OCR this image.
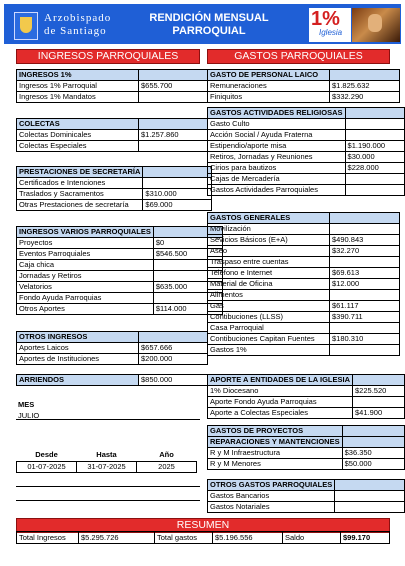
Arzobispado
de Santiago
RENDICIÓN MENSUAL
PARROQUIAL
1%
Iglesia
INGRESOS PARROQUIALES	GASTOS PARROQUIALES
INGRESOS 1%	
Ingresos 1% Parroquial	$655.700
Ingresos 1% Mandatos	
COLECTAS	
Colectas Dominicales	$1.257.860
Colectas Especiales	
PRESTACIONES DE SECRETARÍA	
Certificados e Intenciones	
Traslados y Sacramentos	$310.000
Otras Prestaciones de secretaría	$69.000
INGRESOS VARIOS PARROQUIALES	
Proyectos	$0
Eventos Parroquiales	$546.500
Caja chica	
Jornadas y Retiros	
Velatorios	$635.000
Fondo Ayuda Parroquias	
Otros Aportes	$114.000
OTROS INGRESOS	
Aportes Laicos	$657.666
Aportes de Instituciones	$200.000
ARRIENDOS	$850.000
MES
JULIO
Desde	Hasta	Año
01-07-2025	31-07-2025	2025
GASTO DE PERSONAL LAICO	
Remuneraciones	$1.825.632
Finiquitos	$332.290
GASTOS ACTIVIDADES RELIGIOSAS	
Gasto Culto	
Acción Social / Ayuda Fraterna	
Estipendio/aporte misa	$1.190.000
Retiros, Jornadas y Reuniones	$30.000
Cirios para bautizos	$228.000
Cajas de Mercadería	
Gastos Actividades Parroquiales	
GASTOS GENERALES	
Movilización	
Sevicios Básicos (E+A)	$490.843
Aseo	$32.270
Traspaso entre cuentas	
Telefono e Internet	$69.613
Material de Oficina	$12.000
Alimentos	
Gas	$61.117
Contibuciones (LLSS)	$390.711
Casa Parroquial	
Contibuciones Capitan Fuentes	$180.310
Gastos 1%	
APORTE A ENTIDADES DE LA IGLESIA	
1% Diocesano	$225.520
Aporte Fondo Ayuda Parroquias	
Aporte a Colectas Especiales	$41.900
GASTOS DE PROYECTOS	
REPARACIONES Y MANTENCIONES	
R y M Infraestructura	$36.350
R y M Menores	$50.000
OTROS GASTOS PARROQUIALES	
Gastos Bancarios	
Gastos Notariales	
RESUMEN
Total Ingresos	$5.295.726	Total gastos	$5.196.556	Saldo	$99.170
